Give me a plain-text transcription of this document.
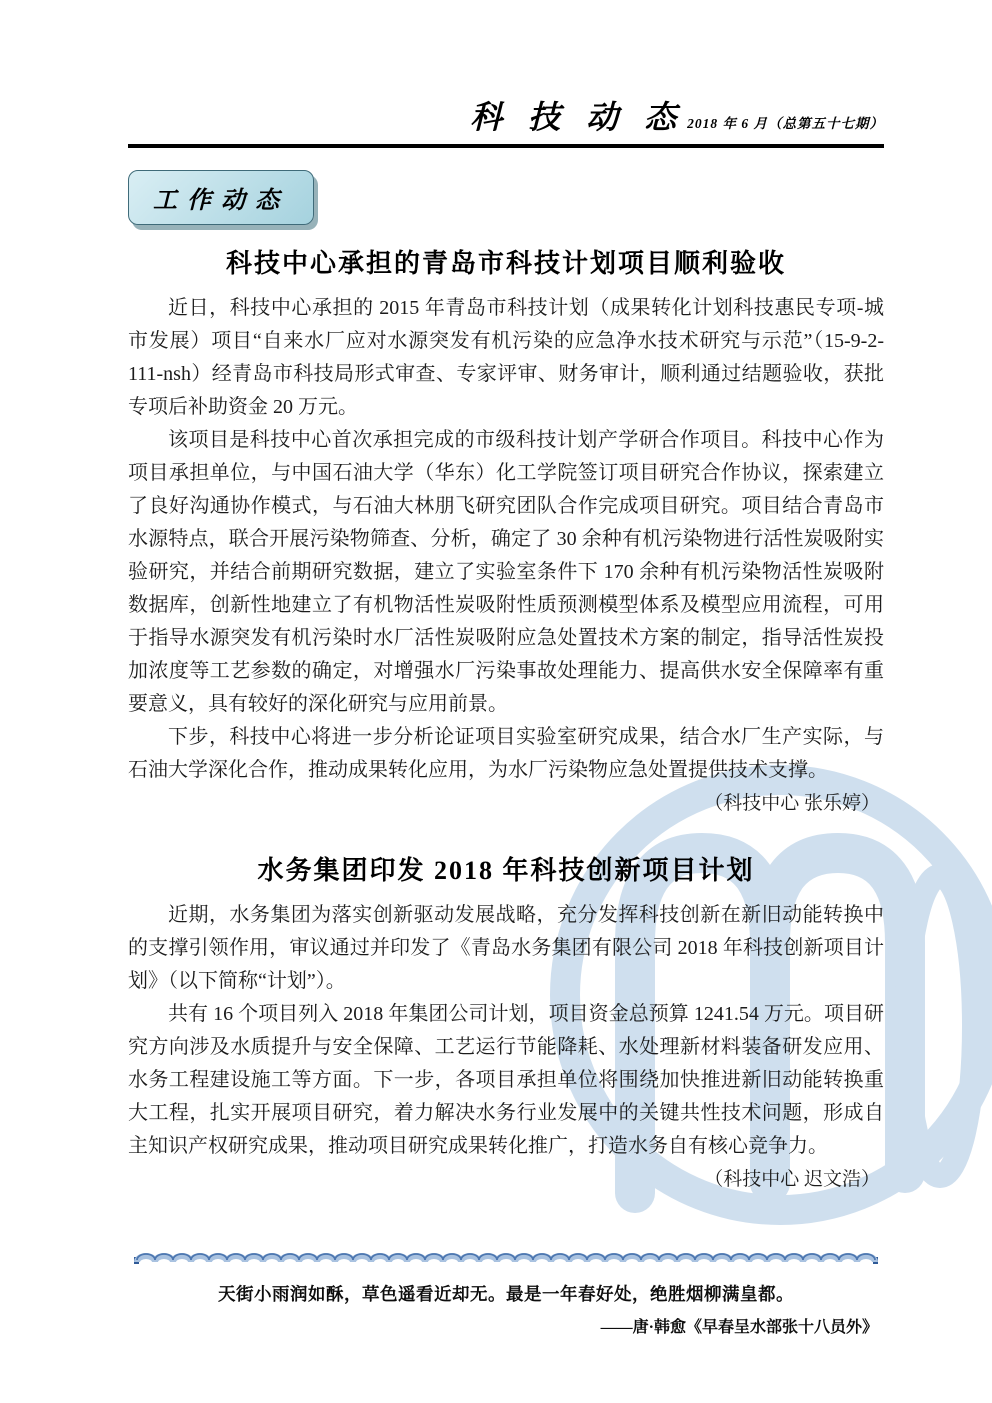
科 技 动 态 2018 年 6 月（总第五十七期）
工作动态
科技中心承担的青岛市科技计划项目顺利验收

近日，科技中心承担的 2015 年青岛市科技计划（成果转化计划科技惠民专项-城市发展）项目“自来水厂应对水源突发有机污染的应急净水技术研究与示范”（15-9-2-111-nsh）经青岛市科技局形式审查、专家评审、财务审计，顺利通过结题验收，获批专项后补助资金 20 万元。

该项目是科技中心首次承担完成的市级科技计划产学研合作项目。科技中心作为项目承担单位，与中国石油大学（华东）化工学院签订项目研究合作协议，探索建立了良好沟通协作模式，与石油大林朋飞研究团队合作完成项目研究。项目结合青岛市水源特点，联合开展污染物筛查、分析，确定了 30 余种有机污染物进行活性炭吸附实验研究，并结合前期研究数据，建立了实验室条件下 170 余种有机污染物活性炭吸附数据库，创新性地建立了有机物活性炭吸附性质预测模型体系及模型应用流程，可用于指导水源突发有机污染时水厂活性炭吸附应急处置技术方案的制定，指导活性炭投加浓度等工艺参数的确定，对增强水厂污染事故处理能力、提高供水安全保障率有重要意义，具有较好的深化研究与应用前景。

下步，科技中心将进一步分析论证项目实验室研究成果，结合水厂生产实际，与石油大学深化合作，推动成果转化应用，为水厂污染物应急处置提供技术支撑。

（科技中心 张乐婷）

水务集团印发 2018 年科技创新项目计划

近期，水务集团为落实创新驱动发展战略，充分发挥科技创新在新旧动能转换中的支撑引领作用，审议通过并印发了《青岛水务集团有限公司 2018 年科技创新项目计划》（以下简称“计划”）。

共有 16 个项目列入 2018 年集团公司计划，项目资金总预算 1241.54 万元。项目研究方向涉及水质提升与安全保障、工艺运行节能降耗、水处理新材料装备研发应用、水务工程建设施工等方面。下一步，各项目承担单位将围绕加快推进新旧动能转换重大工程，扎实开展项目研究，着力解决水务行业发展中的关键共性技术问题，形成自主知识产权研究成果，推动项目研究成果转化推广，打造水务自有核心竞争力。

（科技中心 迟文浩）

天街小雨润如酥，草色遥看近却无。最是一年春好处，绝胜烟柳满皇都。
——唐·韩愈《早春呈水部张十八员外》
